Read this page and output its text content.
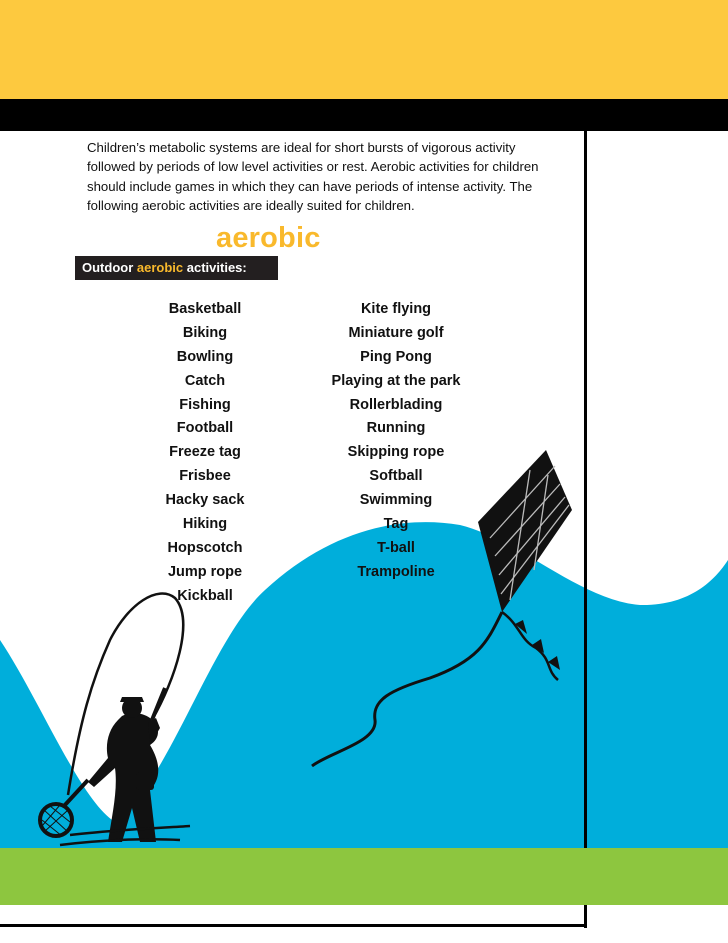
Children’s metabolic systems are ideal for short bursts of vigorous activity followed by periods of low level activities or rest. Aerobic activities for children should include games in which they can have periods of intense activity. The following aerobic activities are ideally suited for children.

aerobic
Outdoor aerobic activities:
Basketball
Biking
Bowling
Catch
Fishing
Football
Freeze tag
Frisbee
Hacky sack
Hiking
Hopscotch
Jump rope
Kickball
Kite flying
Miniature golf
Ping Pong
Playing at the park
Rollerblading
Running
Skipping rope
Softball
Swimming
Tag
T-ball
Trampoline
